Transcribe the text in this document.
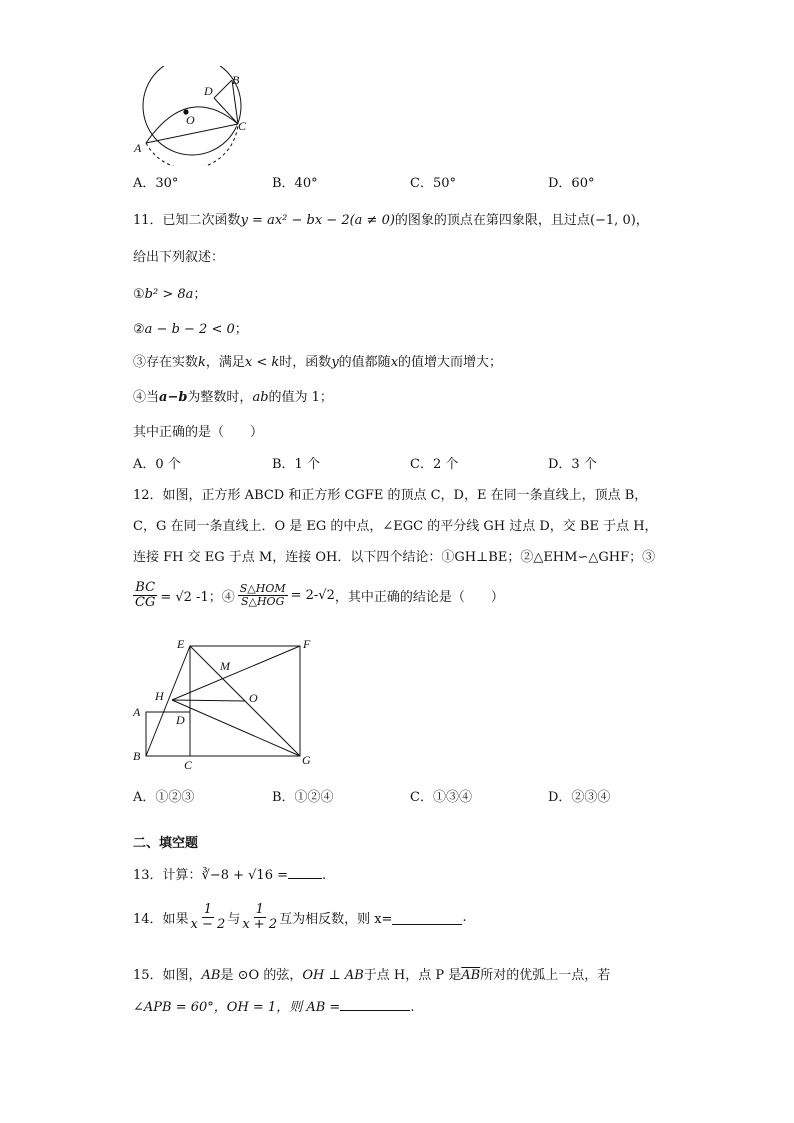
A
B
C
D
O
A．30°	B．40°	C．50°	D．60°
11．已知二次函数y = ax² − bx − 2(a ≠ 0)的图象的顶点在第四象限，且过点(−1, 0)，
给出下列叙述：
①b² > 8a；
②a − b − 2 < 0；
③存在实数k，满足x < k时，函数y的值都随x的值增大而增大；
④当a−b为整数时，ab的值为 1；
其中正确的是（　　）
A．0 个	B．1 个	C．2 个	D．3 个
12．如图，正方形 ABCD 和正方形 CGFE 的顶点 C，D，E 在同一条直线上，顶点 B，
C，G 在同一条直线上．O 是 EG 的中点，∠EGC 的平分线 GH 过点 D，交 BE 于点 H，
连接 FH 交 EG 于点 M，连接 OH．以下四个结论：①GH⊥BE；②△EHM∽△GHF；③
$\frac{BC}{CG} = √2$ -1；④ $\frac{\text{S△HOM}}{\text{S△HOG}} = 2-√2$ ，其中正确的结论是（　　）
E	F
M
H	O
A
D
B
C	G
A．①②③	B．①②④	C．①③④	D．②③④
二、填空题
13．计算：∛−8 + √16 =	.
14．如果 $\frac{1}{x - 2}$ 与 $\frac{1}{x + 2}$ 互为相反数，则 x=	.
15．如图，AB是 ⊙O 的弦，OH ⊥ AB于点 H，点 P 是$\overline{AB}$所对的优弧上一点，若
∠APB = 60°，OH = 1，则 AB =	.
